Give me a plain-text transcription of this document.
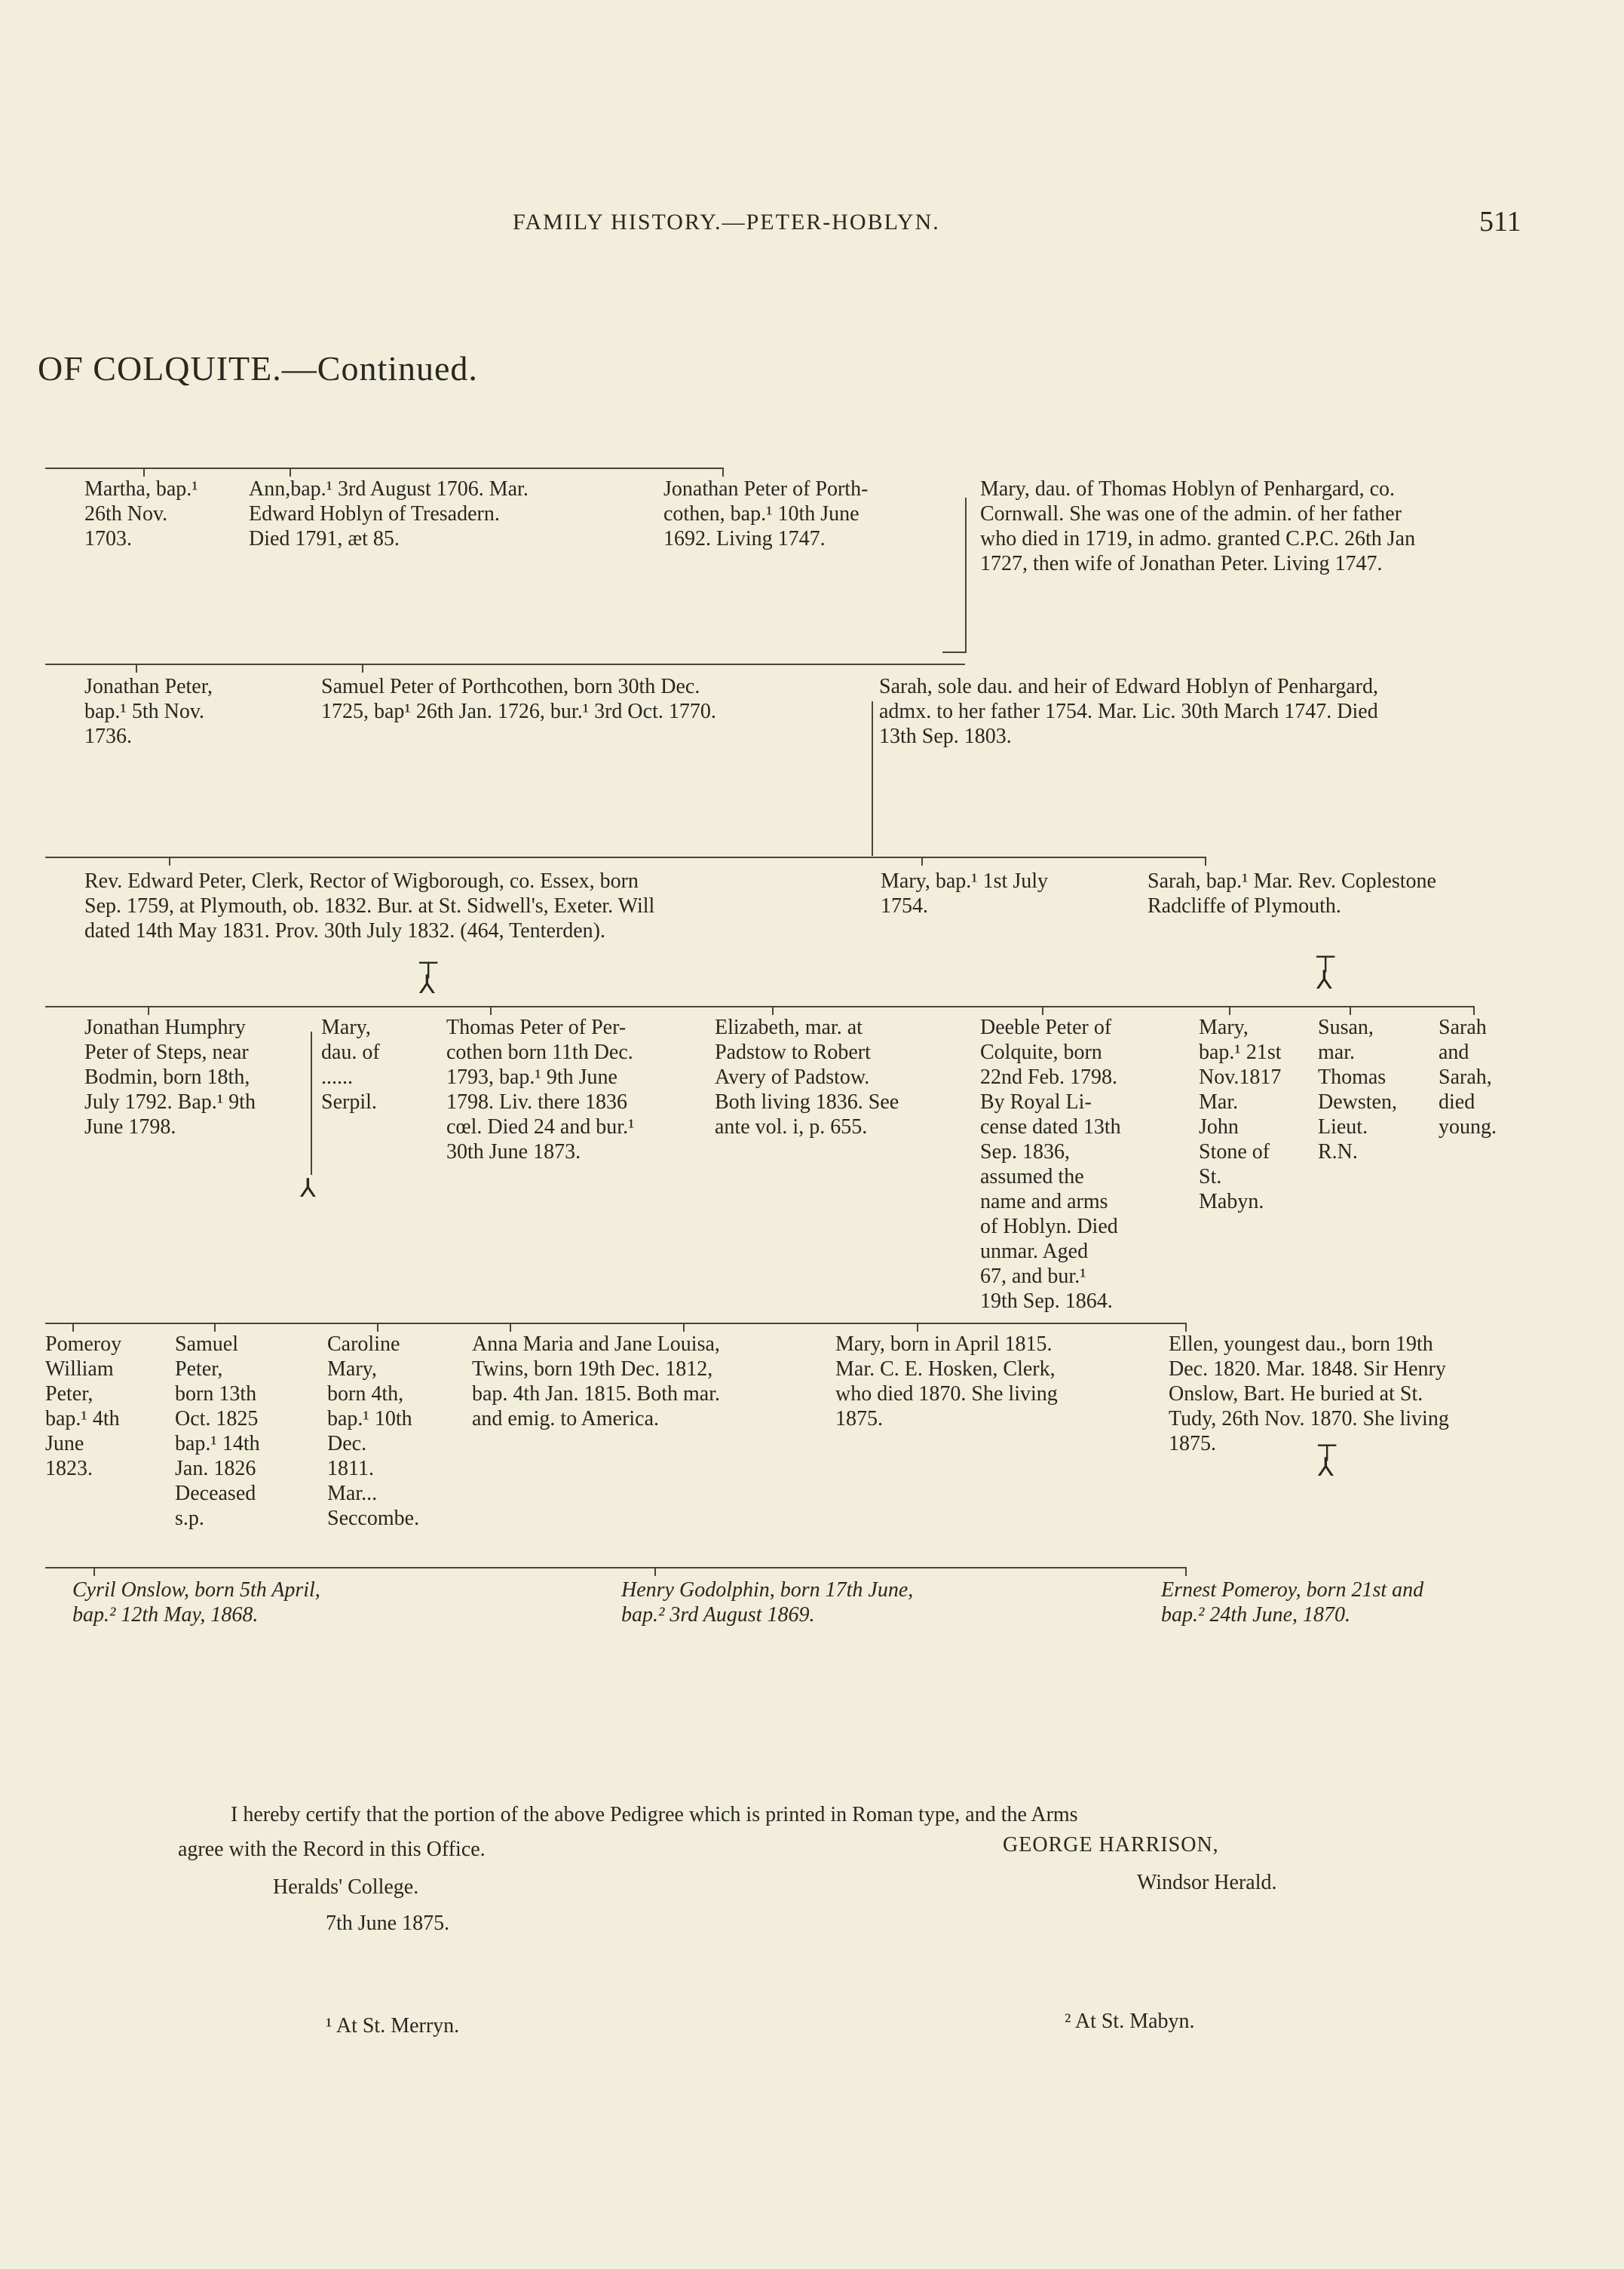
FAMILY HISTORY.—PETER-HOBLYN.	511
OF COLQUITE.—Continued.
Martha, bap.¹
26th Nov.
1703.
Ann,bap.¹ 3rd August 1706. Mar.
Edward Hoblyn of Tresadern.
Died 1791, æt 85.
Jonathan Peter of Porth-
cothen, bap.¹ 10th June
1692. Living 1747.
Mary, dau. of Thomas Hoblyn of Penhargard, co.
Cornwall. She was one of the admin. of her father
who died in 1719, in admo. granted C.P.C. 26th Jan
1727, then wife of Jonathan Peter. Living 1747.
Jonathan Peter,
bap.¹ 5th Nov.
1736.
Samuel Peter of Porthcothen, born 30th Dec.
1725, bap¹ 26th Jan. 1726, bur.¹ 3rd Oct. 1770.
Sarah, sole dau. and heir of Edward Hoblyn of Penhargard,
admx. to her father 1754. Mar. Lic. 30th March 1747. Died
13th Sep. 1803.
Rev. Edward Peter, Clerk, Rector of Wigborough, co. Essex, born
Sep. 1759, at Plymouth, ob. 1832. Bur. at St. Sidwell's, Exeter. Will
dated 14th May 1831. Prov. 30th July 1832. (464, Tenterden).
Mary, bap.¹ 1st July
1754.
Sarah, bap.¹ Mar. Rev. Coplestone
Radcliffe of Plymouth.
┬
⅄
┬
⅄
Jonathan Humphry
Peter of Steps, near
Bodmin, born 18th,
July 1792. Bap.¹ 9th
June 1798.
Mary,
dau. of
......
Serpil.
⅄
Thomas Peter of Per-
cothen born 11th Dec.
1793, bap.¹ 9th June
1798. Liv. there 1836
cœl. Died 24 and bur.¹
30th June 1873.
Elizabeth, mar. at
Padstow to Robert
Avery of Padstow.
Both living 1836. See
ante vol. i, p. 655.
Deeble Peter of
Colquite, born
22nd Feb. 1798.
By Royal Li-
cense dated 13th
Sep. 1836,
assumed the
name and arms
of Hoblyn. Died
unmar. Aged
67, and bur.¹
19th Sep. 1864.
Mary,
bap.¹ 21st
Nov.1817
Mar.
John
Stone of
St.
Mabyn.
Susan,
mar.
Thomas
Dewsten,
Lieut.
R.N.
Sarah
and
Sarah,
died
young.
Pomeroy
William
Peter,
bap.¹ 4th
June
1823.
Samuel
Peter,
born 13th
Oct. 1825
bap.¹ 14th
Jan. 1826
Deceased
s.p.
Caroline
Mary,
born 4th,
bap.¹ 10th
Dec.
1811.
Mar...
Seccombe.
Anna Maria and Jane Louisa,
Twins, born 19th Dec. 1812,
bap. 4th Jan. 1815. Both mar.
and emig. to America.
Mary, born in April 1815.
Mar. C. E. Hosken, Clerk,
who died 1870. She living
1875.
Ellen, youngest dau., born 19th
Dec. 1820. Mar. 1848. Sir Henry
Onslow, Bart. He buried at St.
Tudy, 26th Nov. 1870. She living
1875.	┬
⅄
Cyril Onslow, born 5th April,
bap.² 12th May, 1868.
Henry Godolphin, born 17th June,
bap.² 3rd August 1869.
Ernest Pomeroy, born 21st and
bap.² 24th June, 1870.
I hereby certify that the portion of the above Pedigree which is printed in Roman type, and the Arms
agree with the Record in this Office.	GEORGE HARRISON,
Heralds' College.	Windsor Herald.
7th June 1875.
¹ At St. Merryn.	² At St. Mabyn.
